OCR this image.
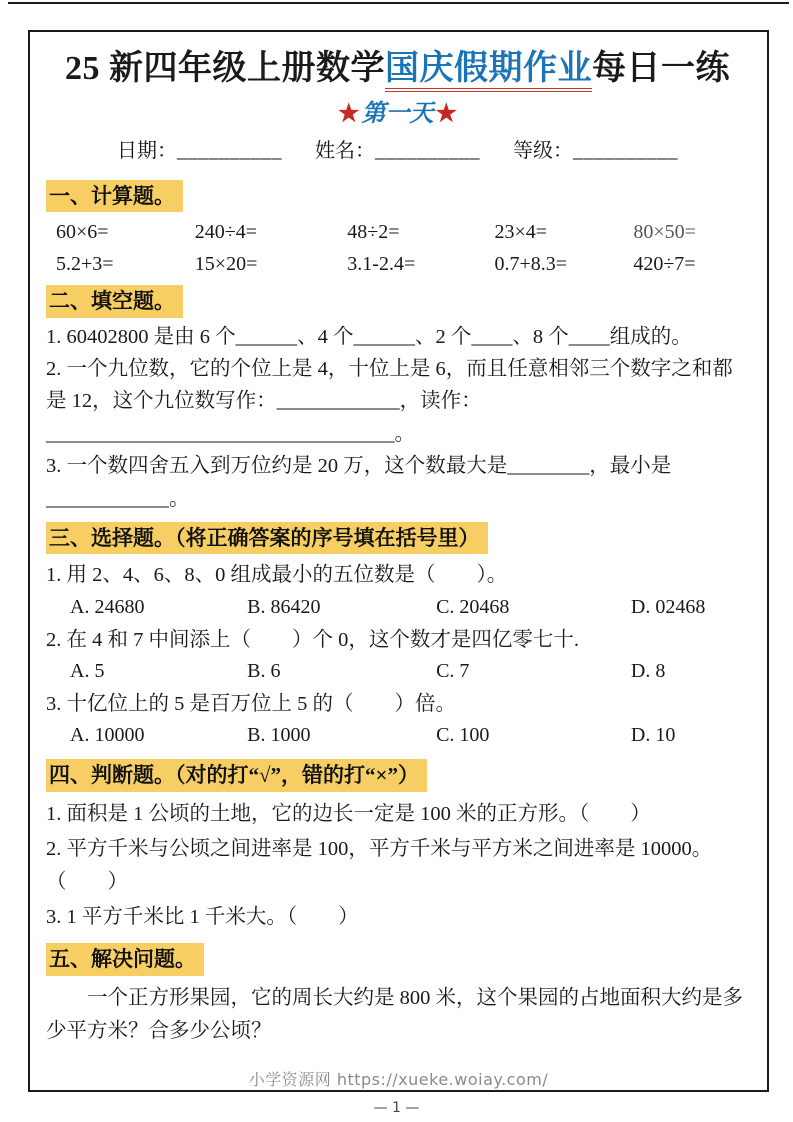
25 新四年级上册数学国庆假期作业每日一练
★第一天★
日期：__________ 姓名：__________ 等级：__________
一、计算题。
60×6=	240÷4=	48÷2=	23×4=	80×50=
5.2+3=	15×20=	3.1-2.4=	0.7+8.3=	420÷7=
二、填空题。
1. 60402800 是由 6 个______、4 个______、2 个____、8 个____组成的。
2. 一个九位数，它的个位上是 4，十位上是 6，而且任意相邻三个数字之和都是 12，这个九位数写作：____________，读作：__________________________________。
3. 一个数四舍五入到万位约是 20 万，这个数最大是________，最小是____________。
三、选择题。（将正确答案的序号填在括号里）
1. 用 2、4、6、8、0 组成最小的五位数是（　　）。
A. 24680	B. 86420	C. 20468	D. 02468
2. 在 4 和 7 中间添上（　　）个 0，这个数才是四亿零七十.
A. 5	B. 6	C. 7	D. 8
3. 十亿位上的 5 是百万位上 5 的（　　）倍。
A. 10000	B. 1000	C. 100	D. 10
四、判断题。（对的打“√”，错的打“×”）
1. 面积是 1 公顷的土地，它的边长一定是 100 米的正方形。（　　）
2. 平方千米与公顷之间进率是 100，平方千米与平方米之间进率是 10000。（　　）
3. 1 平方千米比 1 千米大。（　　）
五、解决问题。
一个正方形果园，它的周长大约是 800 米，这个果园的占地面积大约是多少平方米？合多少公顷？
小学资源网 https://xueke.woiay.com/
— 1 —
